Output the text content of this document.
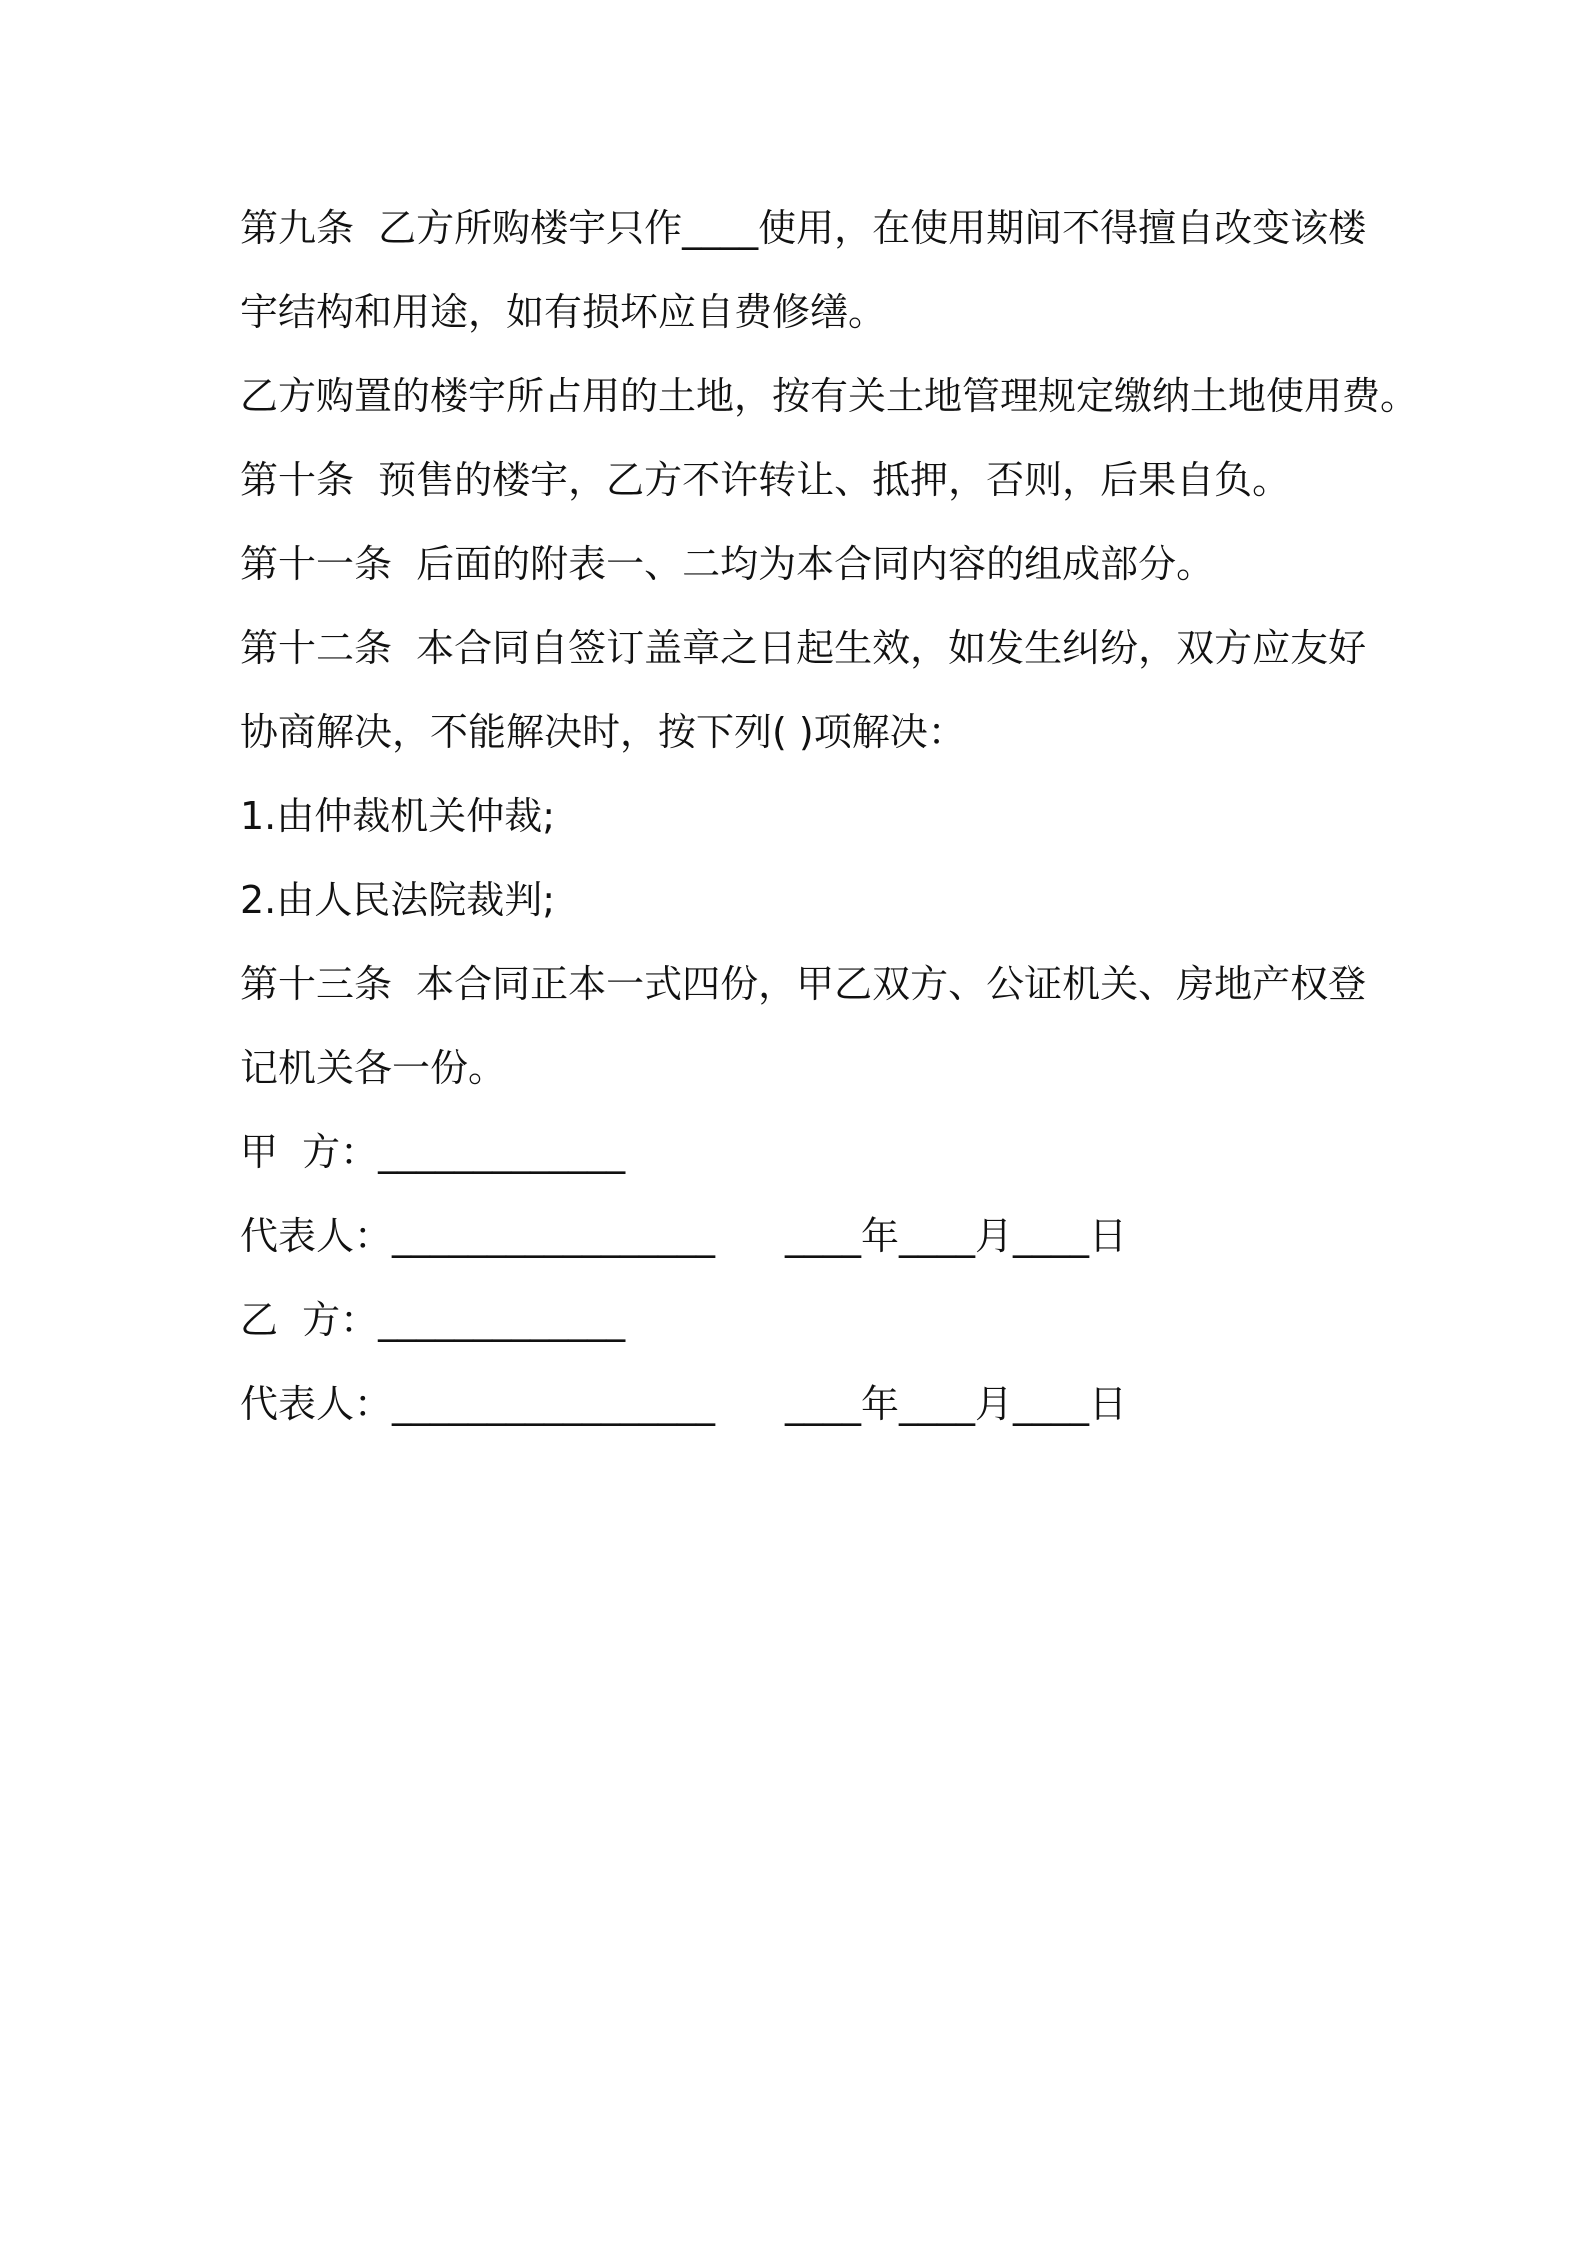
第九条  乙方所购楼宇只作____使用，在使用期间不得擅自改变该楼
宇结构和用途，如有损坏应自费修缮。
乙方购置的楼宇所占用的土地，按有关土地管理规定缴纳土地使用费。
第十条  预售的楼宇，乙方不许转让、抵押，否则，后果自负。
第十一条  后面的附表一、二均为本合同内容的组成部分。
第十二条  本合同自签订盖章之日起生效，如发生纠纷，双方应友好
协商解决，不能解决时，按下列( )项解决：
1.由仲裁机关仲裁;
2.由人民法院裁判;
第十三条  本合同正本一式四份，甲乙双方、公证机关、房地产权登
记机关各一份。
甲  方：_____________
代表人：_________________ ____年____月____日
乙  方：_____________
代表人：_________________ ____年____月____日
